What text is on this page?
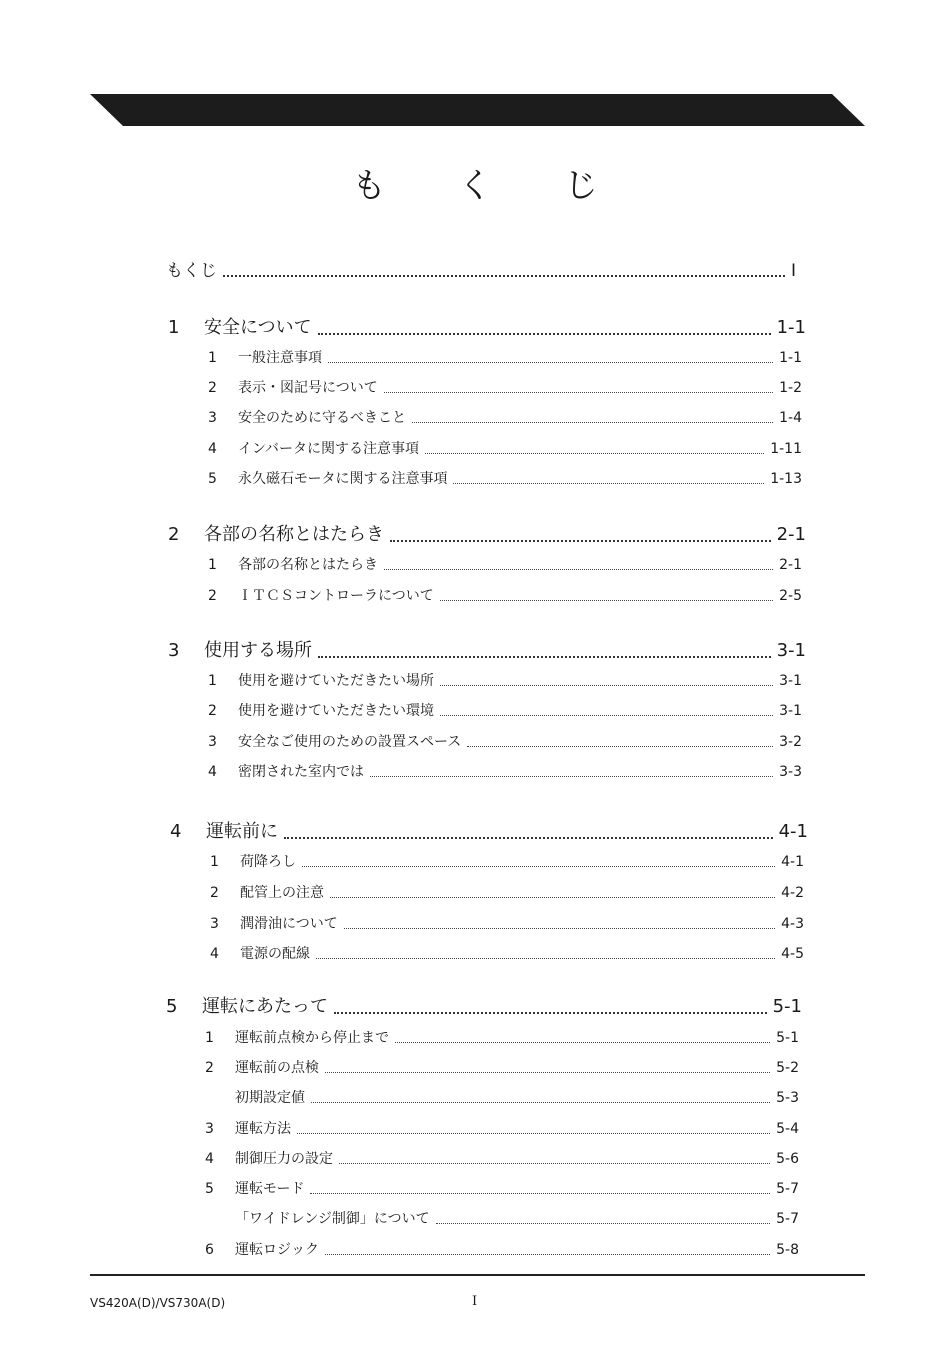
も く じ
もくじ	I
1	安全について	1-1
1	一般注意事項	1-1
2	表示・図記号について	1-2
3	安全のために守るべきこと	1-4
4	インバータに関する注意事項	1-11
5	永久磁石モータに関する注意事項	1-13
2	各部の名称とはたらき	2-1
1	各部の名称とはたらき	2-1
2	ＩＴＣＳコントローラについて	2-5
3	使用する場所	3-1
1	使用を避けていただきたい場所	3-1
2	使用を避けていただきたい環境	3-1
3	安全なご使用のための設置スペース	3-2
4	密閉された室内では	3-3
4	運転前に	4-1
1	荷降ろし	4-1
2	配管上の注意	4-2
3	潤滑油について	4-3
4	電源の配線	4-5
5	運転にあたって	5-1
1	運転前点検から停止まで	5-1
2	運転前の点検	5-2
初期設定値	5-3
3	運転方法	5-4
4	制御圧力の設定	5-6
5	運転モード	5-7
「ワイドレンジ制御」について	5-7
6	運転ロジック	5-8
VS420A(D)/VS730A(D)	I
